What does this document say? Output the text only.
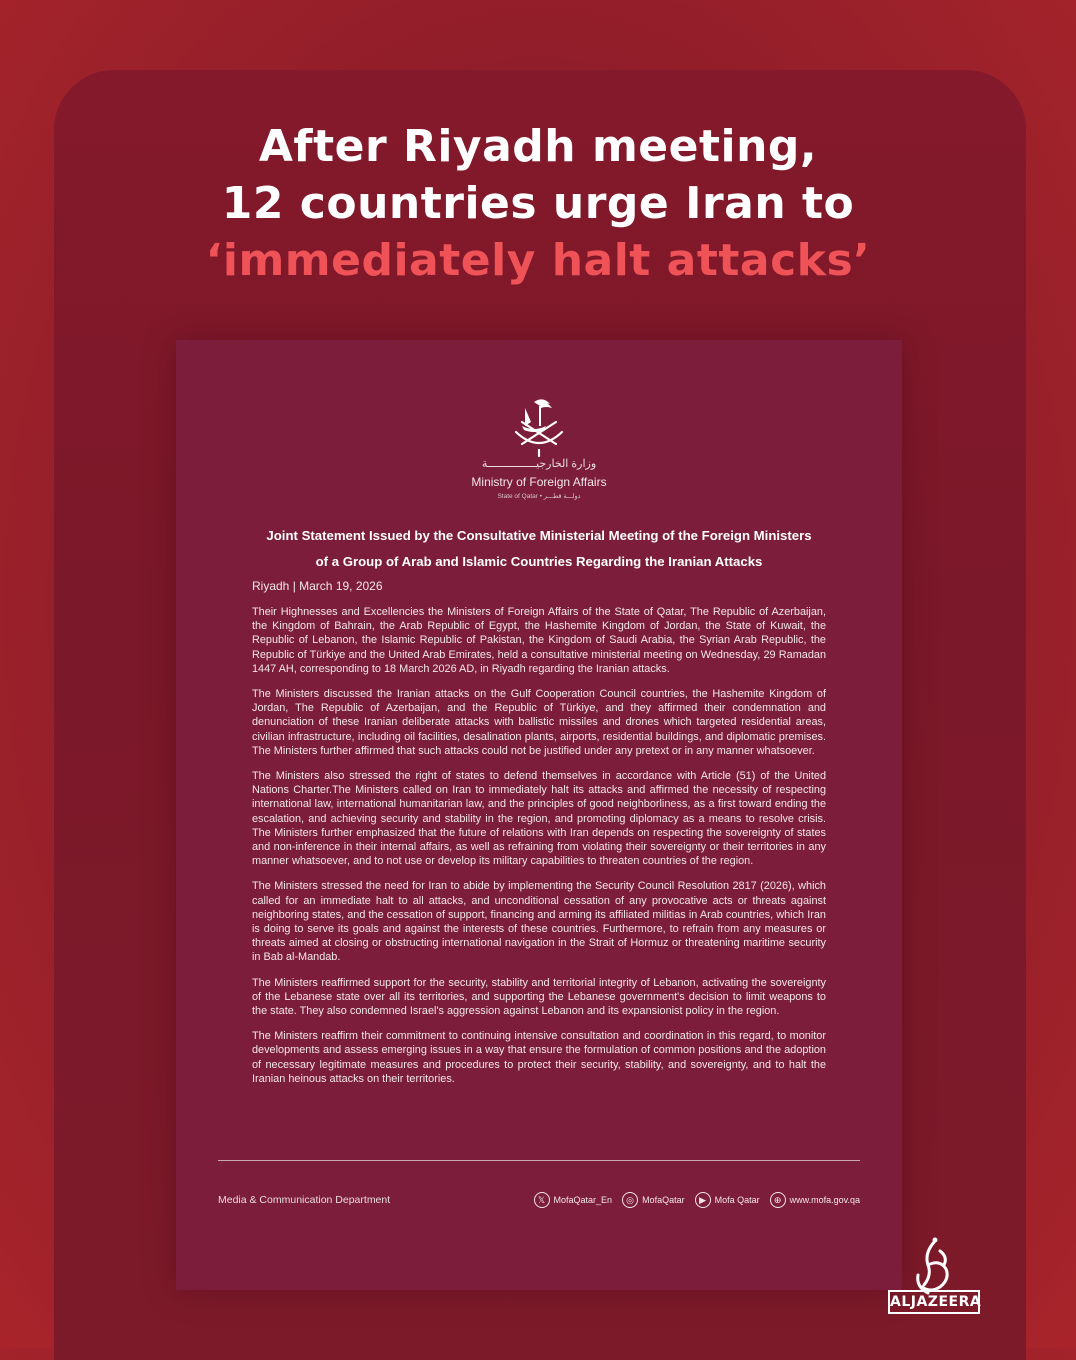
After Riyadh meeting,
12 countries urge Iran to
‘immediately halt attacks’
وزارة الخارجيـــــــــــــــة
Ministry of Foreign Affairs
State of Qatar • دولـــة قطـــر
Joint Statement Issued by the Consultative Ministerial Meeting of the Foreign Ministers
of a Group of Arab and Islamic Countries Regarding the Iranian Attacks
Riyadh | March 19, 2026

Their Highnesses and Excellencies the Ministers of Foreign Affairs of the State of Qatar, The Republic of Azerbaijan, the Kingdom of Bahrain, the Arab Republic of Egypt, the Hashemite Kingdom of Jordan, the State of Kuwait, the Republic of Lebanon, the Islamic Republic of Pakistan, the Kingdom of Saudi Arabia, the Syrian Arab Republic, the Republic of Türkiye and the United Arab Emirates, held a consultative ministerial meeting on Wednesday, 29 Ramadan 1447 AH, corresponding to 18 March 2026 AD, in Riyadh regarding the Iranian attacks.

The Ministers discussed the Iranian attacks on the Gulf Cooperation Council countries, the Hashemite Kingdom of Jordan, The Republic of Azerbaijan, and the Republic of Türkiye, and they affirmed their condemnation and denunciation of these Iranian deliberate attacks with ballistic missiles and drones which targeted residential areas, civilian infrastructure, including oil facilities, desalination plants, airports, residential buildings, and diplomatic premises. The Ministers further affirmed that such attacks could not be justified under any pretext or in any manner whatsoever.

The Ministers also stressed the right of states to defend themselves in accordance with Article (51) of the United Nations Charter.The Ministers called on Iran to immediately halt its attacks and affirmed the necessity of respecting international law, international humanitarian law, and the principles of good neighborliness, as a first toward ending the escalation, and achieving security and stability in the region, and promoting diplomacy as a means to resolve crisis. The Ministers further emphasized that the future of relations with Iran depends on respecting the sovereignty of states and non-inference in their internal affairs, as well as refraining from violating their sovereignty or their territories in any manner whatsoever, and to not use or develop its military capabilities to threaten countries of the region.

The Ministers stressed the need for Iran to abide by implementing the Security Council Resolution 2817 (2026), which called for an immediate halt to all attacks, and unconditional cessation of any provocative acts or threats against neighboring states, and the cessation of support, financing and arming its affiliated militias in Arab countries, which Iran is doing to serve its goals and against the interests of these countries. Furthermore, to refrain from any measures or threats aimed at closing or obstructing international navigation in the Strait of Hormuz or threatening maritime security in Bab al-Mandab.

The Ministers reaffirmed support for the security, stability and territorial integrity of Lebanon, activating the sovereignty of the Lebanese state over all its territories, and supporting the Lebanese government's decision to limit weapons to the state. They also condemned Israel's aggression against Lebanon and its expansionist policy in the region.

The Ministers reaffirm their commitment to continuing intensive consultation and coordination in this regard, to monitor developments and assess emerging issues in a way that ensure the formulation of common positions and the adoption of necessary legitimate measures and procedures to protect their security, stability, and sovereignty, and to halt the Iranian heinous attacks on their territories.

Media & Communication Department	𝕏 MofaQatar_En	◎ MofaQatar	▶ Mofa Qatar	⊕ www.mofa.gov.qa
ALJAZEERA
